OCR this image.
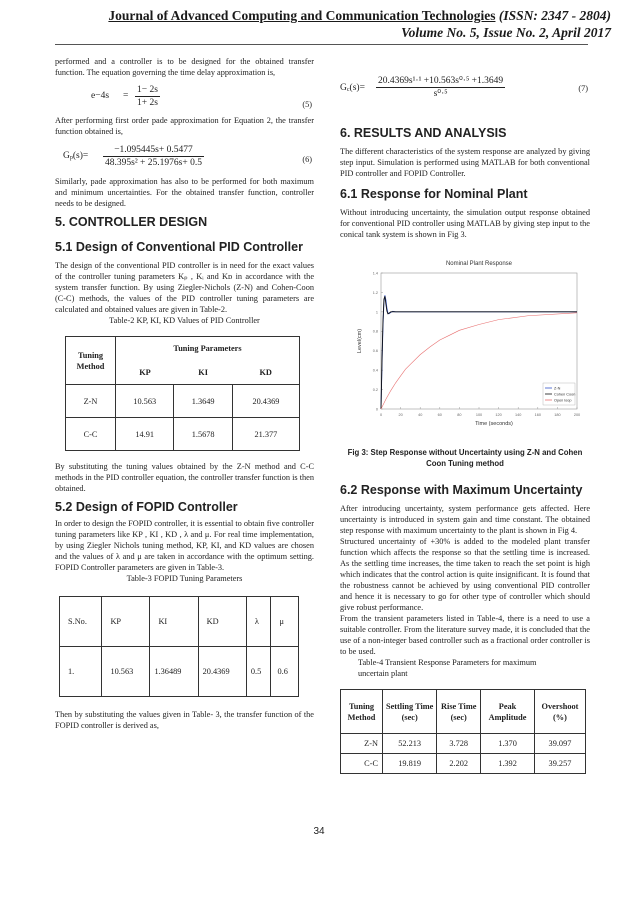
Journal of Advanced Computing and Communication Technologies (ISSN: 2347 - 2804)
Volume No. 5, Issue No. 2, April 2017

performed and a controller is to be designed for the obtained transfer function. The equation governing the time delay approximation is,

$e-4s = \frac{1- 2s}{1+ 2s}$	(5)

After performing first order pade approximation for Equation 2, the transfer function obtained is,

$G_p(s)= \frac{-1.095445s+ 0.5477}{\text{48.395s² + 25.1976s+ 0.5}}$	(6)

Similarly, pade approximation has also to be performed for both maximum and minimum uncertainties. For the obtained transfer function, controller needs to be designed.

5. CONTROLLER DESIGN
5.1 Design of Conventional PID Controller

The design of the conventional PID controller is in need for the exact values of the controller tuning parameters Kₚ , Kᵢ and Kᴅ in accordance with the system transfer function. By using Ziegler-Nichols (Z-N) and Cohen-Coon (C-C) methods, the values of the PID controller tuning parameters are calculated and obtained values are given in Table-2.

Table-2 KP, KI, KD Values of PID Controller
Tuning Method	Tuning Parameters		
	KP	KI	KD
Z-N	10.563	1.3649	20.4369
C-C	14.91	1.5678	21.377

By substituting the tuning values obtained by the Z-N method and C-C methods in the PID controller equation, the controller transfer function is then obtained.

5.2 Design of FOPID Controller

In order to design the FOPID controller, it is essential to obtain five controller tuning parameters like KP , KI , KD , λ and μ. For real time implementation, by using Ziegler Nichols tuning method, KP, KI, and KD values are chosen and the values of λ and μ are taken in accordance with the optimum setting. FOPID Controller parameters are given in Table-3.

Table-3 FOPID Tuning Parameters
S.No.	KP	KI	KD	λ	μ
1.	10.563	1.36489	20.4369	0.5	0.6

Then by substituting the values given in Table- 3, the transfer function of the FOPID controller is derived as,

$G_c(s)= \frac{\text{20.4369s¹·¹ +10.563s⁰·⁵ +1.3649}}{\text{s⁰·⁵}}$	(7)
6. RESULTS AND ANALYSIS

The different characteristics of the system response are analyzed by giving step input. Simulation is performed using MATLAB for both conventional PID controller and FOPID Controller.

6.1 Response for Nominal Plant

Without introducing uncertainty, the simulation output response obtained for conventional PID controller using MATLAB by giving step input to the conical tank system is shown in Fig 3.

Nominal Plant Response
0	20	40	60	80	100	120	140	160	180	200
0
0.2
0.4
0.6
0.8
1
1.2
1.4
Time (seconds)
Level(cm)
Z-N
Cohen Coon
Open loop
Fig 3: Step Response without Uncertainty using Z-N and Cohen Coon Tuning method
6.2 Response with Maximum Uncertainty

After introducing uncertainty, system performance gets affected. Here uncertainty is introduced in system gain and time constant. The obtained step response with maximum uncertainty to the plant is shown in Fig 4.

Structured uncertainty of +30% is added to the modeled plant transfer function which affects the response so that the settling time is increased. As the settling time increases, the time taken to reach the set point is high which indicates that the control action is quite insignificant. It is found that the robustness cannot be achieved by using conventional PID controller and hence it is necessary to go for other type of controller which should give robust performance.

From the transient parameters listed in Table-4, there is a need to use a suitable controller. From the literature survey made, it is concluded that the use of a non-integer based controller such as a fractional order controller is to be used.

Table-4 Transient Response Parameters for maximum
uncertain plant
Tuning Method	Settling Time (sec)	Rise Time (sec)	Peak Amplitude	Overshoot (%)
Z-N	52.213	3.728	1.370	39.097
C-C	19.819	2.202	1.392	39.257
34
